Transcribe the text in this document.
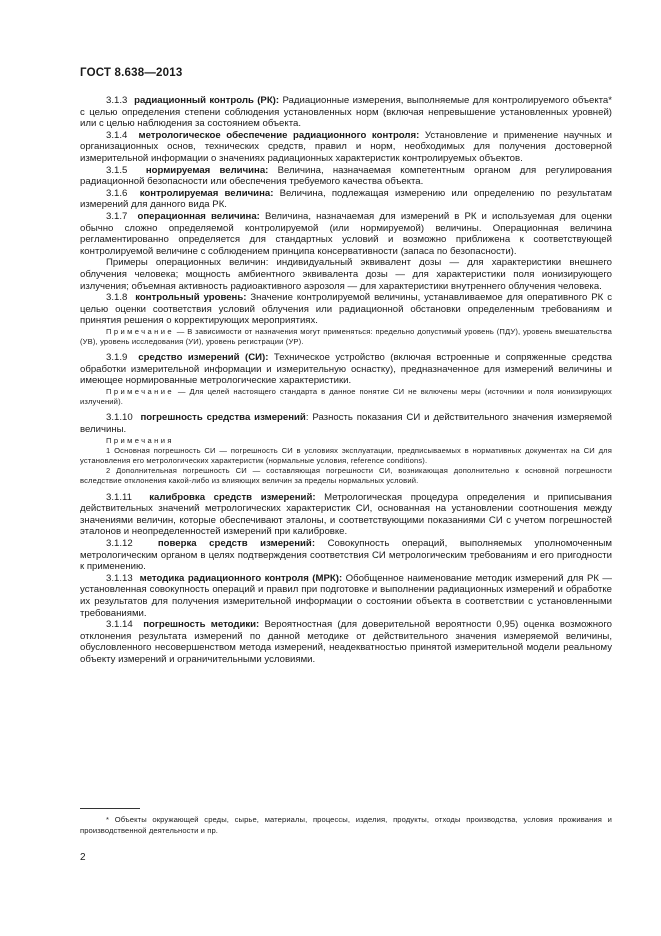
ГОСТ 8.638—2013

3.1.3 радиационный контроль (РК): Радиационные измерения, выполняемые для контролируемого объекта* с целью определения степени соблюдения установленных норм (включая непревышение установленных уровней) или с целью наблюдения за состоянием объекта.

3.1.4 метрологическое обеспечение радиационного контроля: Установление и применение научных и организационных основ, технических средств, правил и норм, необходимых для получения достоверной измерительной информации о значениях радиационных характеристик контролируемых объектов.

3.1.5 нормируемая величина: Величина, назначаемая компетентным органом для регулирования радиационной безопасности или обеспечения требуемого качества объекта.

3.1.6 контролируемая величина: Величина, подлежащая измерению или определению по результатам измерений для данного вида РК.

3.1.7 операционная величина: Величина, назначаемая для измерений в РК и используемая для оценки обычно сложно определяемой контролируемой (или нормируемой) величины. Операционная величина регламентированно определяется для стандартных условий и возможно приближена к соответствующей контролируемой величине с соблюдением принципа консервативности (запаса по безопасности).

Примеры операционных величин: индивидуальный эквивалент дозы — для характеристики внешнего облучения человека; мощность амбиентного эквивалента дозы — для характеристики поля ионизирующего излучения; объемная активность радиоактивного аэрозоля — для характеристики внутреннего облучения человека.

3.1.8 контрольный уровень: Значение контролируемой величины, устанавливаемое для оперативного РК с целью оценки соответствия условий облучения или радиационной обстановки определенным требованиям и принятия решения о корректирующих мероприятиях.

Примечание — В зависимости от назначения могут применяться: предельно допустимый уровень (ПДУ), уровень вмешательства (УВ), уровень исследования (УИ), уровень регистрации (УР).

3.1.9 средство измерений (СИ): Техническое устройство (включая встроенные и сопряженные средства обработки измерительной информации и измерительную оснастку), предназначенное для измерений величины и имеющее нормированные метрологические характеристики.

Примечание — Для целей настоящего стандарта в данное понятие СИ не включены меры (источники и поля ионизирующих излучений).

3.1.10 погрешность средства измерений: Разность показания СИ и действительного значения измеряемой величины.

Примечания

1 Основная погрешность СИ — погрешность СИ в условиях эксплуатации, предписываемых в нормативных документах на СИ для установления его метрологических характеристик (нормальные условия, reference conditions).

2 Дополнительная погрешность СИ — составляющая погрешности СИ, возникающая дополнительно к основной погрешности вследствие отклонения какой-либо из влияющих величин за пределы нормальных условий.

3.1.11 калибровка средств измерений: Метрологическая процедура определения и приписывания действительных значений метрологических характеристик СИ, основанная на установлении соотношения между значениями величин, которые обеспечивают эталоны, и соответствующими показаниями СИ с учетом погрешностей эталонов и неопределенностей измерений при калибровке.

3.1.12	поверка средств измерений: Совокупность операций, выполняемых уполномоченным метрологическим органом в целях подтверждения соответствия СИ метрологическим требованиям и его пригодности к применению.

3.1.13 методика радиационного контроля (МРК): Обобщенное наименование методик измерений для РК — установленная совокупность операций и правил при подготовке и выполнении радиационных измерений и обработке их результатов для получения измерительной информации о состоянии объекта в соответствии с установленными требованиями.

3.1.14 погрешность методики: Вероятностная (для доверительной вероятности 0,95) оценка возможного отклонения результата измерений по данной методике от действительного значения измеряемой величины, обусловленного несовершенством метода измерений, неадекватностью принятой измерительной модели реальному объекту измерений и ограничительными условиями.

* Объекты окружающей среды, сырье, материалы, процессы, изделия, продукты, отходы производства, условия проживания и производственной деятельности и пр.
2
